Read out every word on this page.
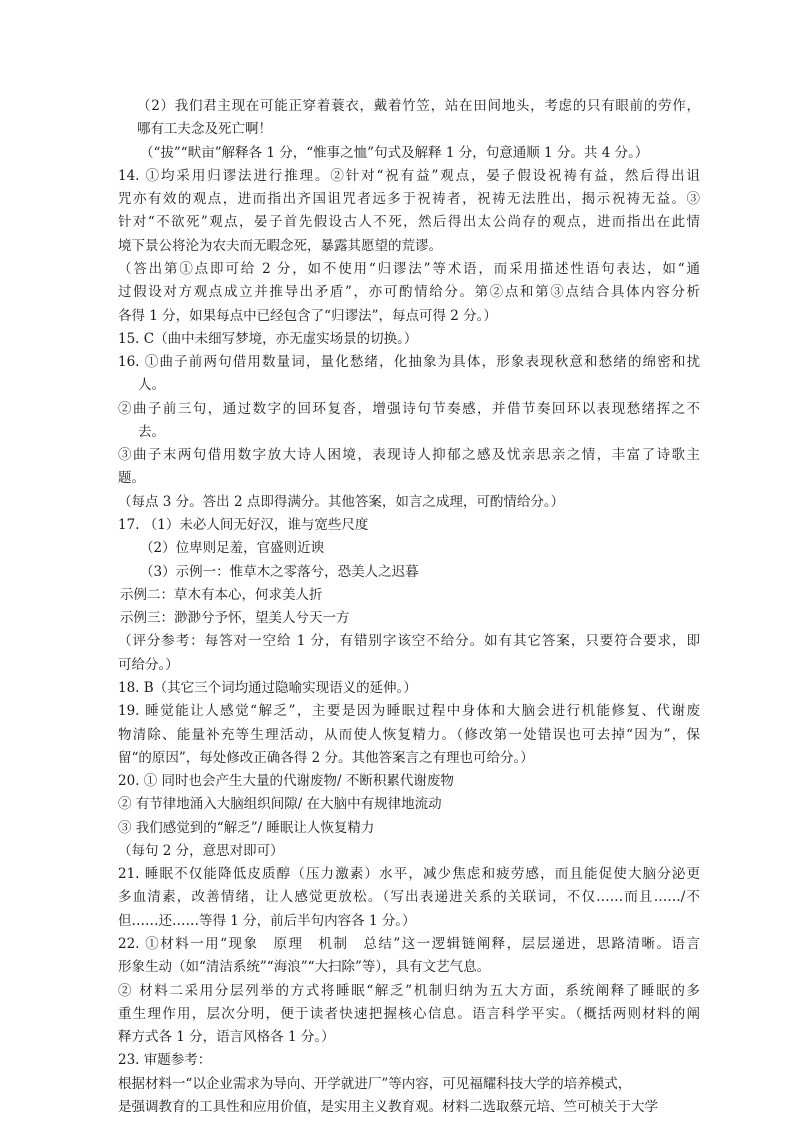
（2）我们君主现在可能正穿着蓑衣，戴着竹笠，站在田间地头，考虑的只有眼前的劳作，
哪有工夫念及死亡啊！
（“拔”“畎亩”解释各 1 分，“惟事之恤”句式及解释 1 分，句意通顺 1 分。共 4 分。）
14. ①均采用归谬法进行推理。②针对“祝有益”观点，晏子假设祝祷有益，然后得出诅
咒亦有效的观点，进而指出齐国诅咒者远多于祝祷者，祝祷无法胜出，揭示祝祷无益。③
针对“不欲死”观点，晏子首先假设古人不死，然后得出太公尚存的观点，进而指出在此情
境下景公将沦为农夫而无暇念死，暴露其愿望的荒谬。
（答出第①点即可给 2 分，如不使用“归谬法”等术语，而采用描述性语句表达，如“通
过假设对方观点成立并推导出矛盾”，亦可酌情给分。第②点和第③点结合具体内容分析
各得 1 分，如果每点中已经包含了“归谬法”，每点可得 2 分。）
15. C（曲中未细写梦境，亦无虚实场景的切换。）
16. ①曲子前两句借用数量词，量化愁绪，化抽象为具体，形象表现秋意和愁绪的绵密和扰
人。
②曲子前三句，通过数字的回环复沓，增强诗句节奏感，并借节奏回环以表现愁绪挥之不
去。
③曲子末两句借用数字放大诗人困境，表现诗人抑郁之感及忧亲思亲之情，丰富了诗歌主
题。
（每点 3 分。答出 2 点即得满分。其他答案，如言之成理，可酌情给分。）
17. （1）未必人间无好汉，谁与宽些尺度
（2）位卑则足羞，官盛则近谀
（3）示例一：惟草木之零落兮，恐美人之迟暮
示例二：草木有本心，何求美人折
示例三：渺渺兮予怀，望美人兮天一方
（评分参考：每答对一空给 1 分，有错别字该空不给分。如有其它答案，只要符合要求，即
可给分。）
18. B（其它三个词均通过隐喻实现语义的延伸。）
19. 睡觉能让人感觉“解乏”，主要是因为睡眠过程中身体和大脑会进行机能修复、代谢废
物清除、能量补充等生理活动，从而使人恢复精力。（修改第一处错误也可去掉“因为”，保
留“的原因”，每处修改正确各得 2 分。其他答案言之有理也可给分。）
20. ① 同时也会产生大量的代谢废物/ 不断积累代谢废物
② 有节律地涌入大脑组织间隙/ 在大脑中有规律地流动
③ 我们感觉到的“解乏”/ 睡眠让人恢复精力
（每句 2 分，意思对即可）
21. 睡眠不仅能降低皮质醇（压力激素）水平，减少焦虑和疲劳感，而且能促使大脑分泌更
多血清素，改善情绪，让人感觉更放松。（写出表递进关系的关联词，不仅……而且……/不
但……还……等得 1 分，前后半句内容各 1 分。）
22. ①材料一用“现象　原理　机制　总结”这一逻辑链阐释，层层递进，思路清晰。语言
形象生动（如“清洁系统”“海浪”“大扫除”等），具有文艺气息。
② 材料二采用分层列举的方式将睡眠“解乏”机制归纳为五大方面，系统阐释了睡眠的多
重生理作用，层次分明，便于读者快速把握核心信息。语言科学平实。（概括两则材料的阐
释方式各 1 分，语言风格各 1 分。）
23. 审题参考：
根据材料一“以企业需求为导向、开学就进厂”等内容，可见福耀科技大学的培养模式，
是强调教育的工具性和应用价值，是实用主义教育观。材料二选取蔡元培、竺可桢关于大学
